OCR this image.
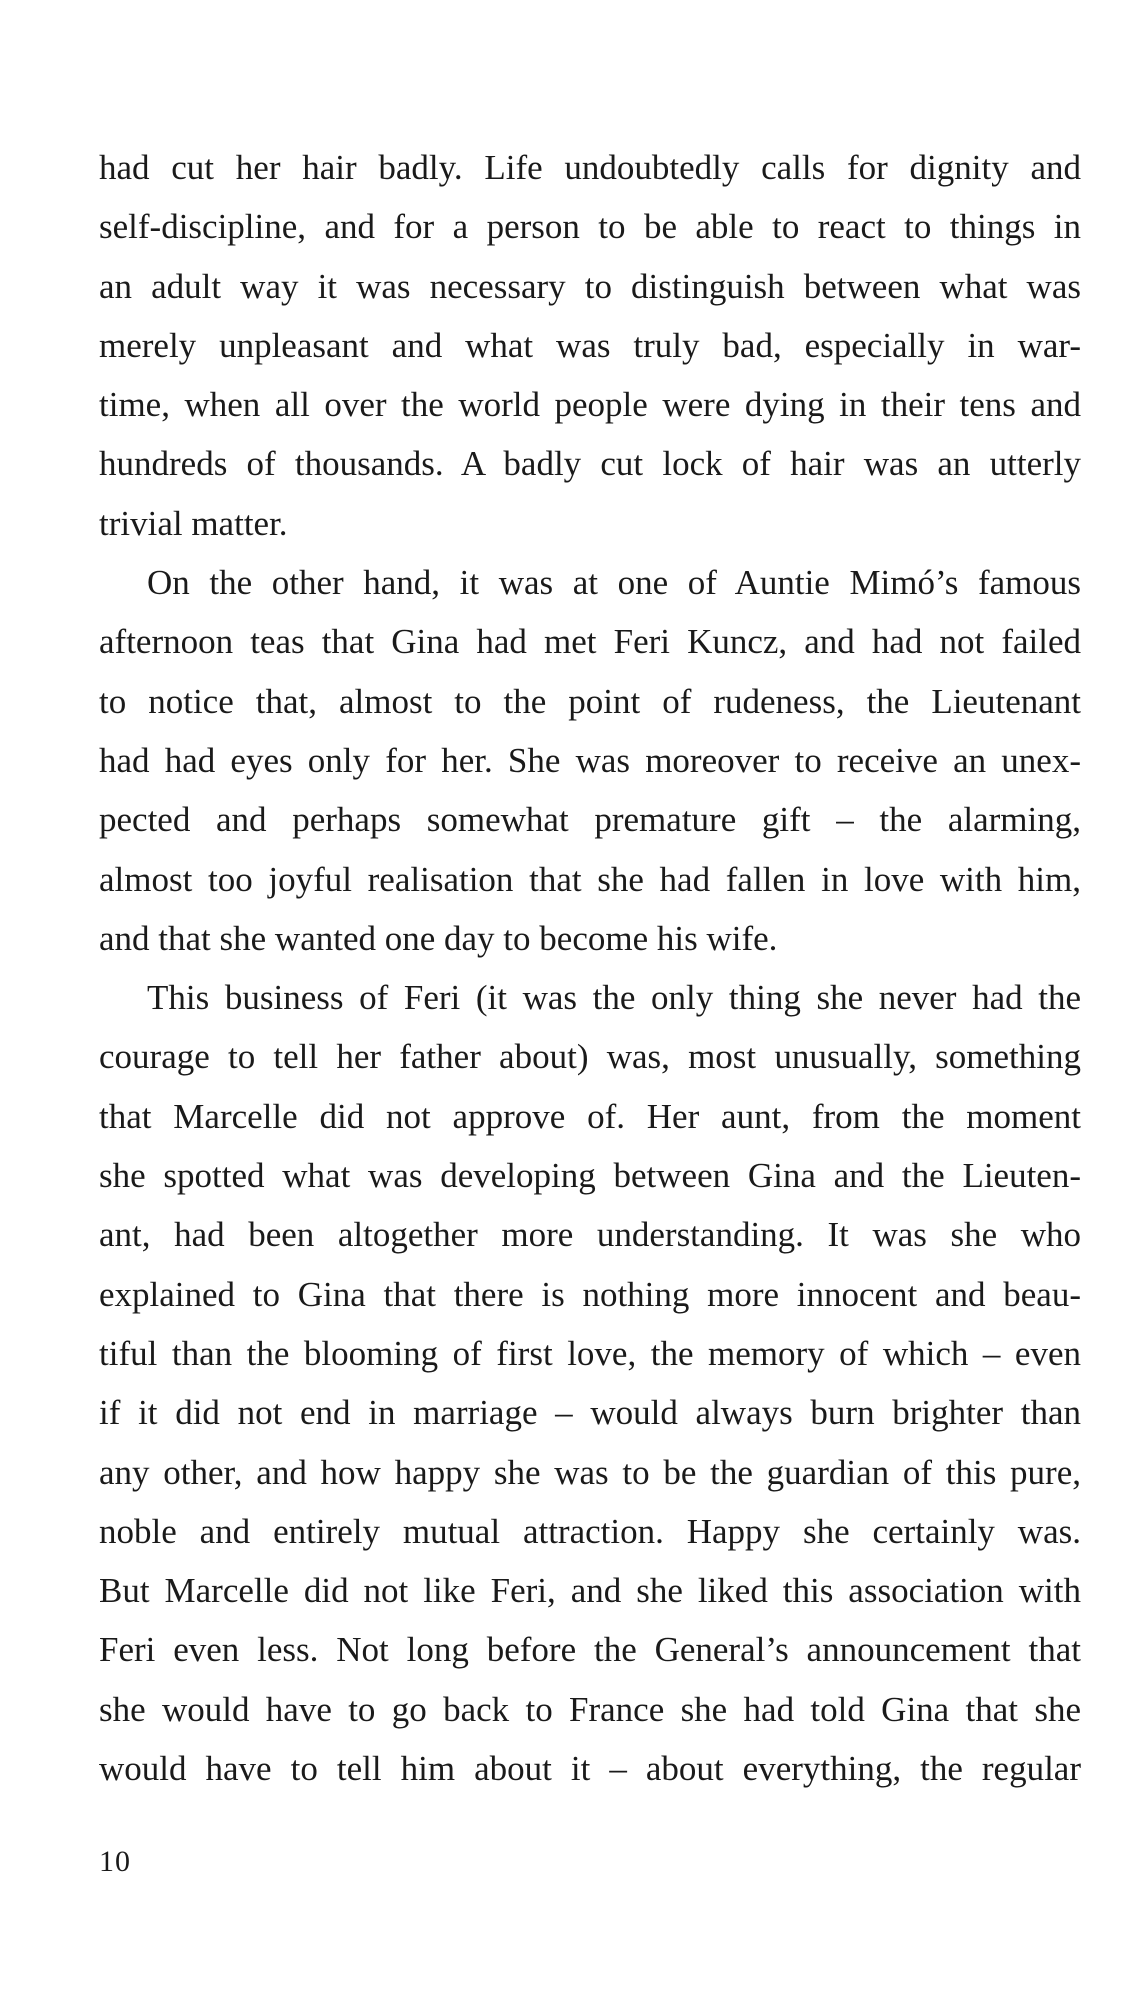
had cut her hair badly. Life undoubtedly calls for dignity and
self-discipline, and for a person to be able to react to things in
an adult way it was necessary to distinguish between what was
merely unpleasant and what was truly bad, especially in war-
time, when all over the world people were dying in their tens and
hundreds of thousands. A badly cut lock of hair was an utterly
trivial matter.
On the other hand, it was at one of Auntie Mimó’s famous
afternoon teas that Gina had met Feri Kuncz, and had not failed
to notice that, almost to the point of rudeness, the Lieutenant
had had eyes only for her. She was moreover to receive an unex-
pected and perhaps somewhat premature gift – the alarming,
almost too joyful realisation that she had fallen in love with him,
and that she wanted one day to become his wife.
This business of Feri (it was the only thing she never had the
courage to tell her father about) was, most unusually, something
that Marcelle did not approve of. Her aunt, from the moment
she spotted what was developing between Gina and the Lieuten-
ant, had been altogether more understanding. It was she who
explained to Gina that there is nothing more innocent and beau-
tiful than the blooming of first love, the memory of which – even
if it did not end in marriage – would always burn brighter than
any other, and how happy she was to be the guardian of this pure,
noble and entirely mutual attraction. Happy she certainly was.
But Marcelle did not like Feri, and she liked this association with
Feri even less. Not long before the General’s announcement that
she would have to go back to France she had told Gina that she
would have to tell him about it – about everything, the regular
10
